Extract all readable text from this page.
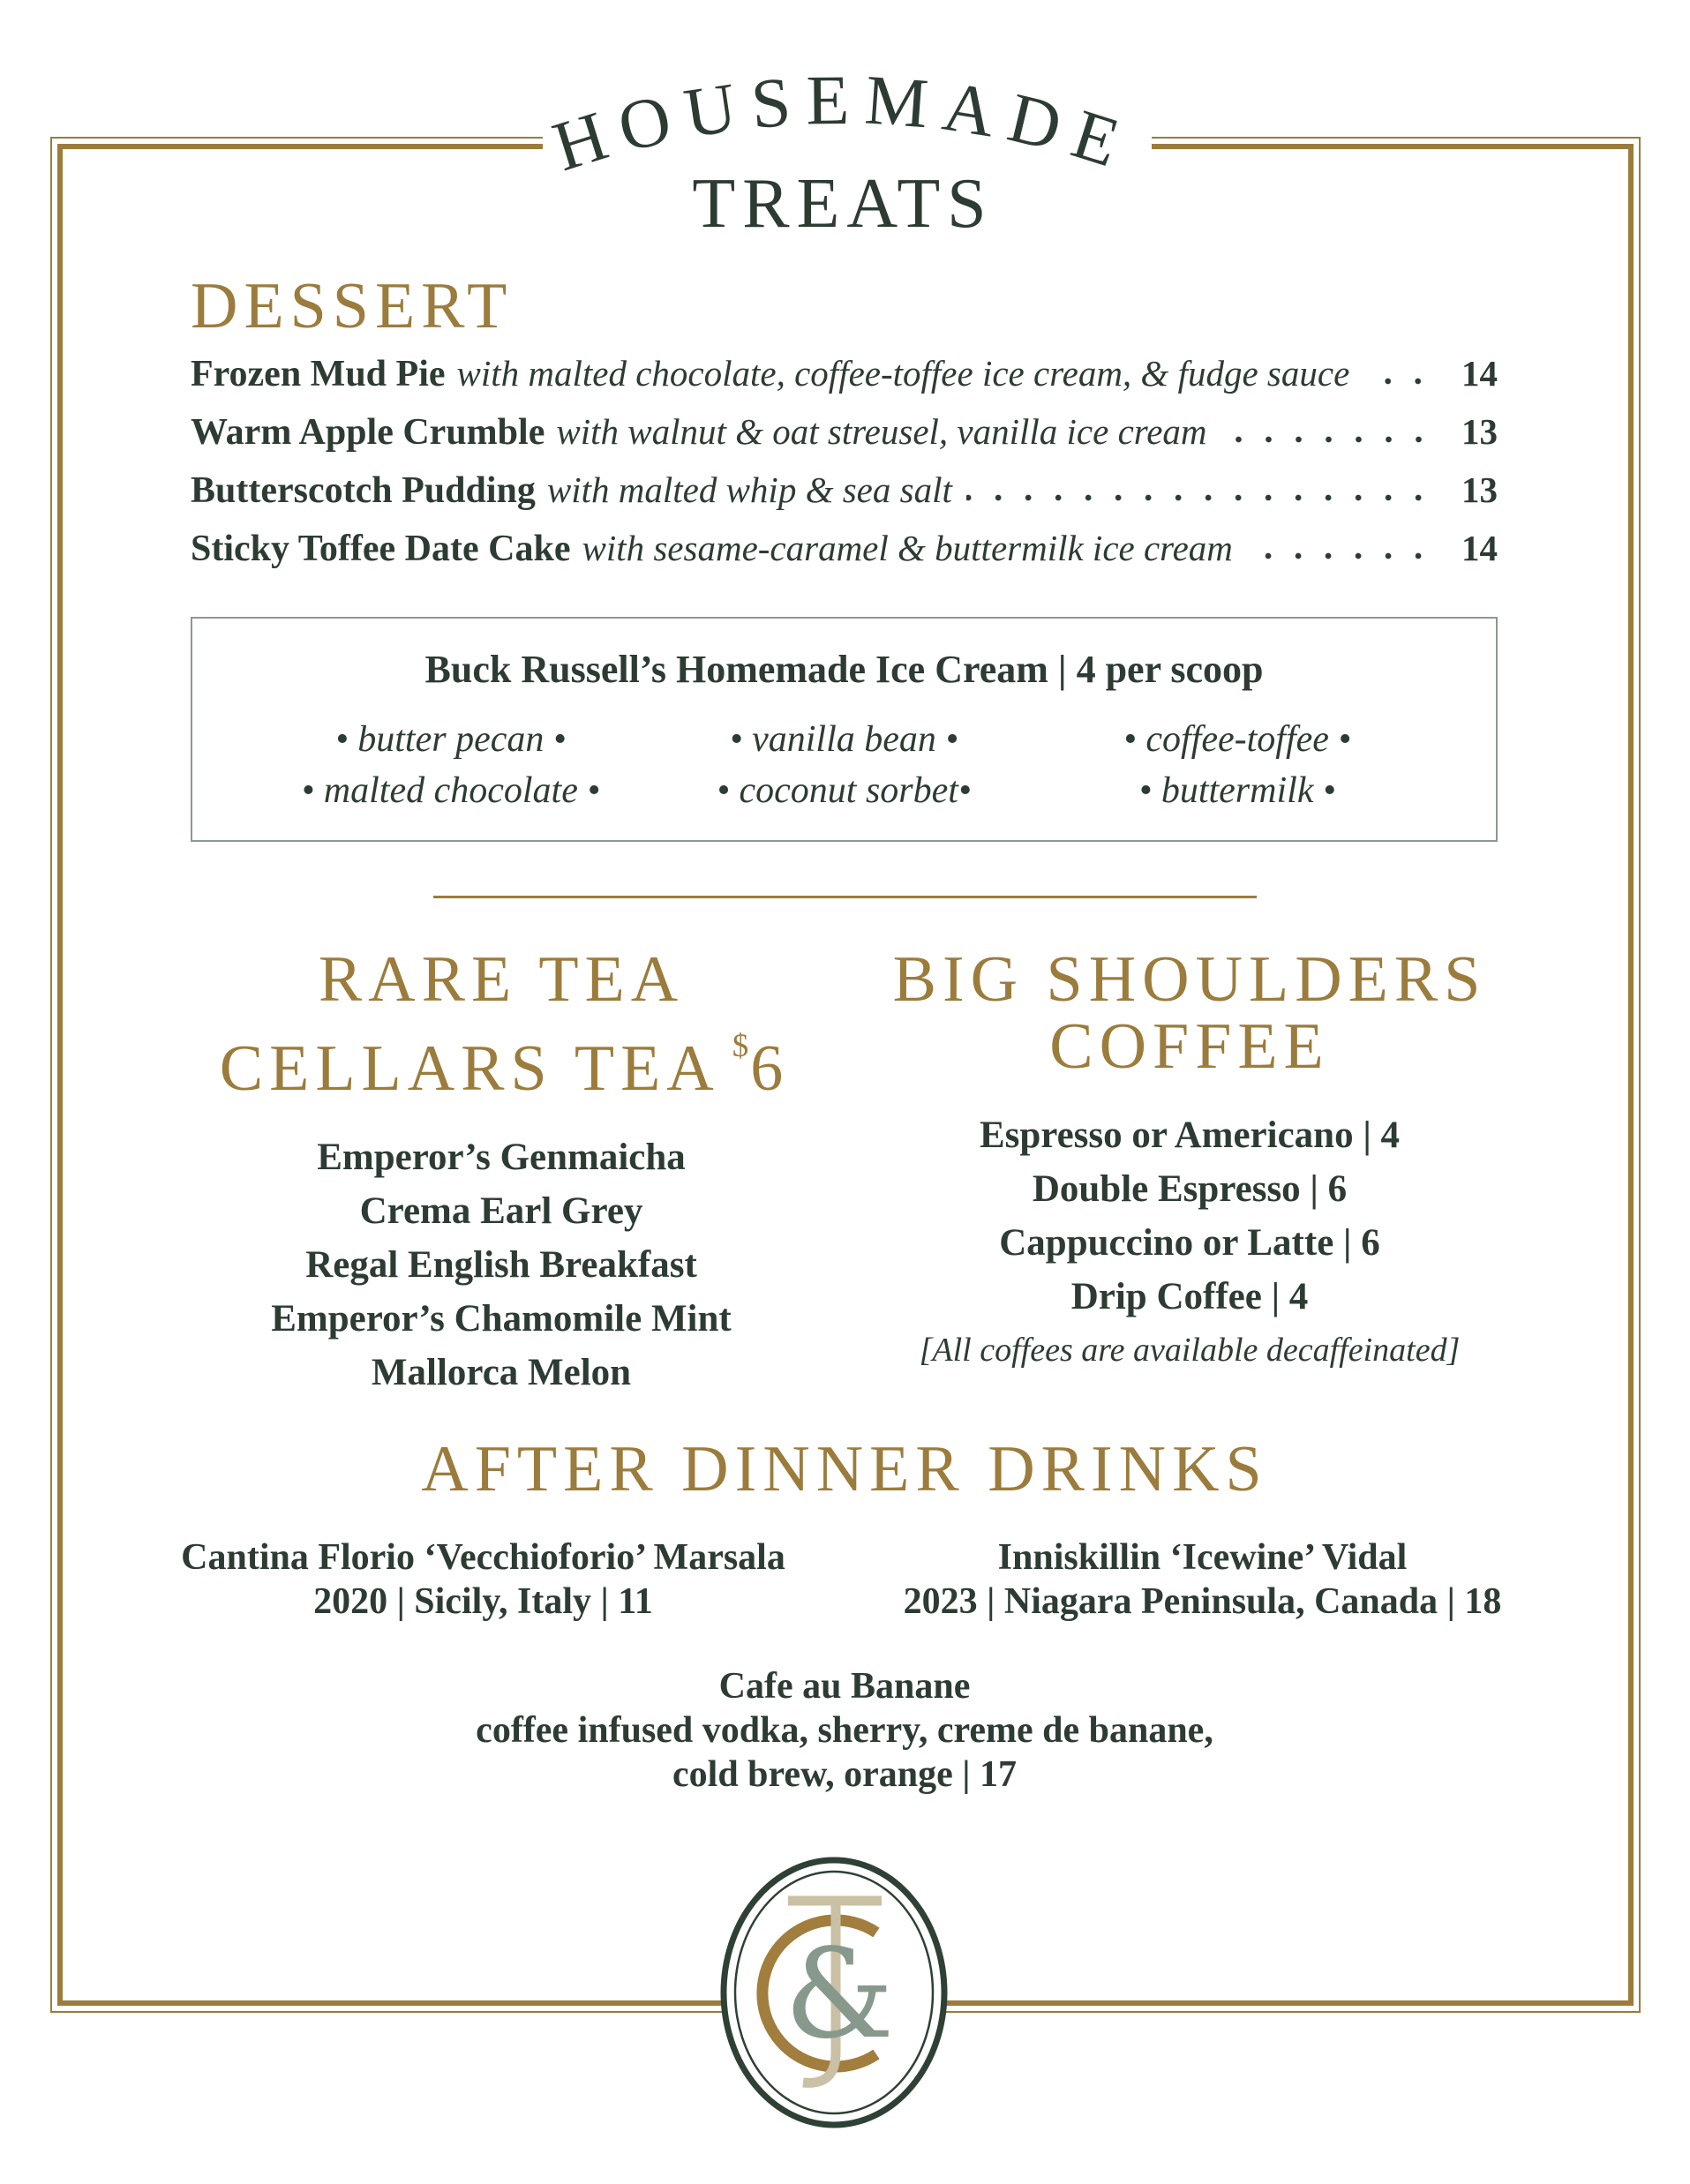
HOUSEMADE
TREATS
DESSERT
Frozen Mud Pie with malted chocolate, coffee-toffee ice cream, & fudge sauce	14
Warm Apple Crumble with walnut & oat streusel, vanilla ice cream	13
Butterscotch Pudding with malted whip & sea salt	13
Sticky Toffee Date Cake with sesame-caramel & buttermilk ice cream	14
Buck Russell’s Homemade Ice Cream | 4 per scoop
• butter pecan •	• vanilla bean •	• coffee-toffee •
• malted chocolate •	• coconut sorbet•	• buttermilk •
RARE TEA
CELLARS TEA $6
Emperor’s Genmaicha
Crema Earl Grey
Regal English Breakfast
Emperor’s Chamomile Mint
Mallorca Melon
BIG SHOULDERS
COFFEE
Espresso or Americano | 4
Double Espresso | 6
Cappuccino or Latte | 6
Drip Coffee | 4
[All coffees are available decaffeinated]
AFTER DINNER DRINKS
Cantina Florio ‘Vecchioforio’ Marsala
2020 | Sicily, Italy | 11
Inniskillin ‘Icewine’ Vidal
2023 | Niagara Peninsula, Canada | 18
Cafe au Banane
coffee infused vodka, sherry, creme de banane,
cold brew, orange | 17
&
